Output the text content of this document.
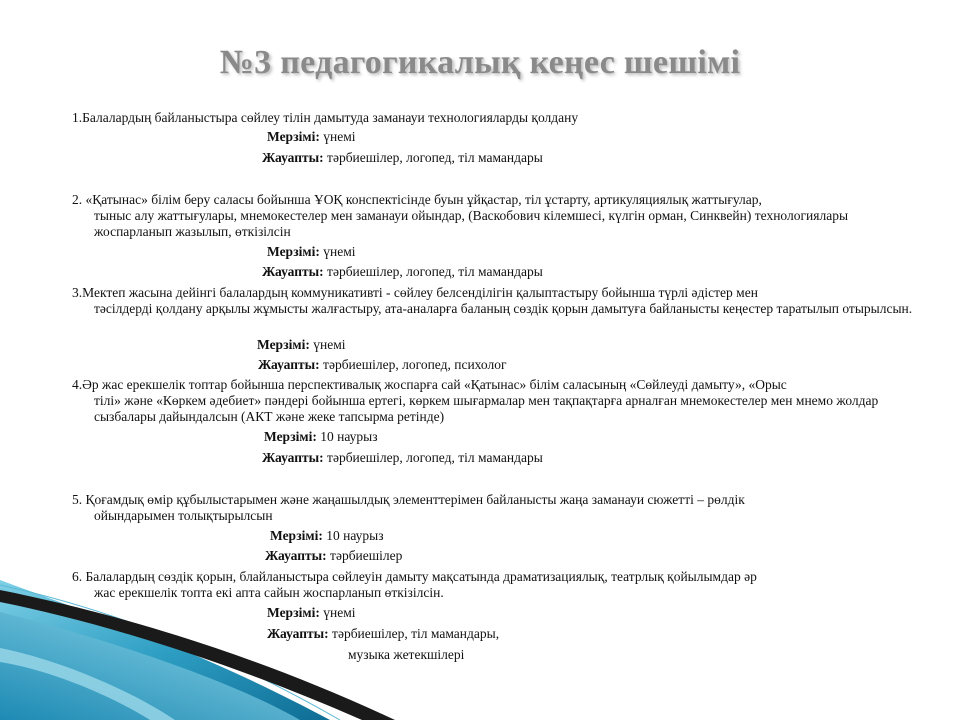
№3 педагогикалық кеңес шешімі
1.Балалардың байланыстыра сөйлеу тілін дамытуда заманауи технологияларды қолдану
Мерзімі: үнемі
Жауапты: тәрбиешілер, логопед, тіл мамандары
2. «Қатынас» білім беру саласы бойынша ҰОҚ конспектісінде буын ұйқастар, тіл ұстарту, артикуляциялық жаттығулар,
тыныс алу жаттығулары, мнемокестелер мен заманауи ойындар, (Васкобович кілемшесі, күлгін орман, Синквейн) технологиялары жоспарланып жазылып, өткізілсін
Мерзімі: үнемі
Жауапты: тәрбиешілер, логопед, тіл мамандары
3.Мектеп жасына дейінгі балалардың коммуникативті - сөйлеу белсенділігін қалыптастыру бойынша түрлі әдістер мен
тәсілдерді қолдану арқылы жұмысты жалғастыру, ата-аналарға баланың сөздік қорын дамытуға байланысты кеңестер таратылып отырылсын.
Мерзімі: үнемі
Жауапты: тәрбиешілер, логопед, психолог
4.Әр жас ерекшелік топтар бойынша перспективалық жоспарға сай «Қатынас» білім саласының «Сөйлеуді дамыту», «Орыс
тілі» және «Көркем әдебиет» пәндері бойынша ертегі, көркем шығармалар мен тақпақтарға арналған мнемокестелер мен мнемо жолдар сызбалары дайындалсын (АКТ және жеке тапсырма ретінде)
Мерзімі: 10 наурыз
Жауапты: тәрбиешілер, логопед, тіл мамандары
5. Қоғамдық өмір құбылыстарымен және жаңашылдық элементтерімен байланысты жаңа заманауи сюжетті – рөлдік
ойындарымен толықтырылсын
Мерзімі: 10 наурыз
Жауапты: тәрбиешілер
6. Балалардың сөздік қорын, блайланыстыра сөйлеуін дамыту мақсатында драматизациялық, театрлық қойылымдар әр
жас ерекшелік топта екі апта сайын жоспарланып өткізілсін.
Мерзімі: үнемі
Жауапты: тәрбиешілер, тіл мамандары,
музыка жетекшілері
